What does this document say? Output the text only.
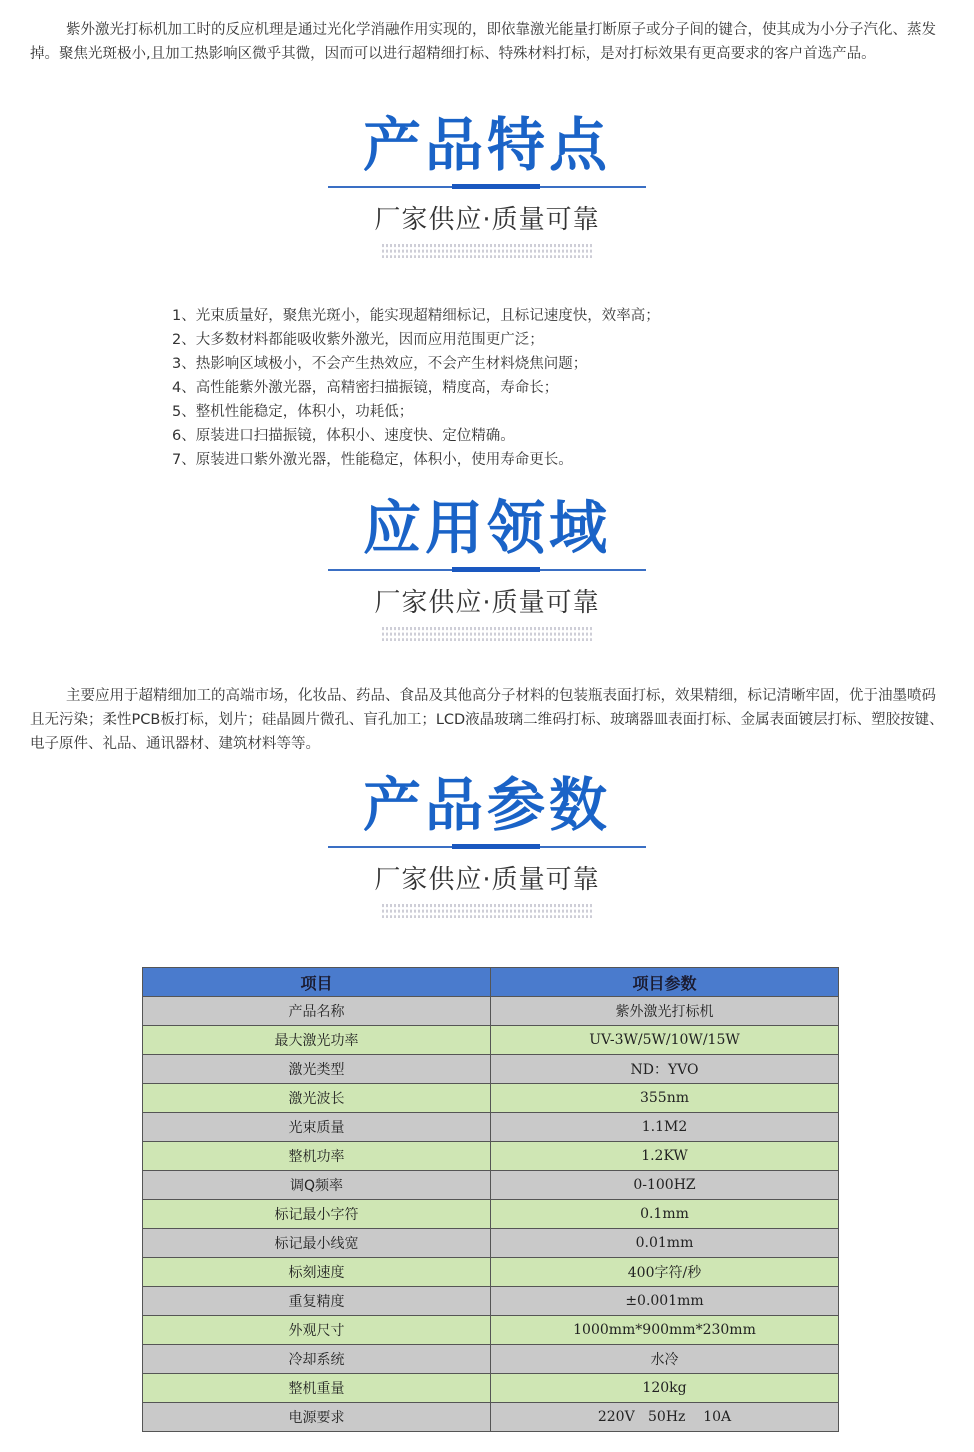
紫外激光打标机加工时的反应机理是通过光化学消融作用实现的，即依靠激光能量打断原子或分子间的键合，使其成为小分子汽化、蒸发掉。聚焦光斑极小,且加工热影响区微乎其微，因而可以进行超精细打标、特殊材料打标，是对打标效果有更高要求的客户首选产品。

产品特点
厂家供应·质量可靠
1、光束质量好，聚焦光斑小，能实现超精细标记，且标记速度快，效率高；
2、大多数材料都能吸收紫外激光，因而应用范围更广泛；
3、热影响区域极小，不会产生热效应，不会产生材料烧焦问题；
4、高性能紫外激光器，高精密扫描振镜，精度高，寿命长；
5、整机性能稳定，体积小，功耗低；
6、原装进口扫描振镜，体积小、速度快、定位精确。
7、原装进口紫外激光器，性能稳定，体积小，使用寿命更长。
应用领域
厂家供应·质量可靠

主要应用于超精细加工的高端市场，化妆品、药品、食品及其他高分子材料的包装瓶表面打标，效果精细，标记清晰牢固，优于油墨喷码且无污染；柔性PCB板打标，划片；硅晶圆片微孔、盲孔加工；LCD液晶玻璃二维码打标、玻璃器皿表面打标、金属表面镀层打标、塑胶按键、 电子原件、礼品、通讯器材、建筑材料等等。

产品参数
厂家供应·质量可靠
项目	项目参数
产品名称	紫外激光打标机
最大激光功率	UV-3W/5W/10W/15W
激光类型	ND：YVO
激光波长	355nm
光束质量	1.1M2
整机功率	1.2KW
调Q频率	0-100HZ
标记最小字符	0.1mm
标记最小线宽	0.01mm
标刻速度	400字符/秒
重复精度	±0.001mm
外观尺寸	1000mm*900mm*230mm
冷却系统	水冷
整机重量	120kg
电源要求	220V   50Hz    10A
